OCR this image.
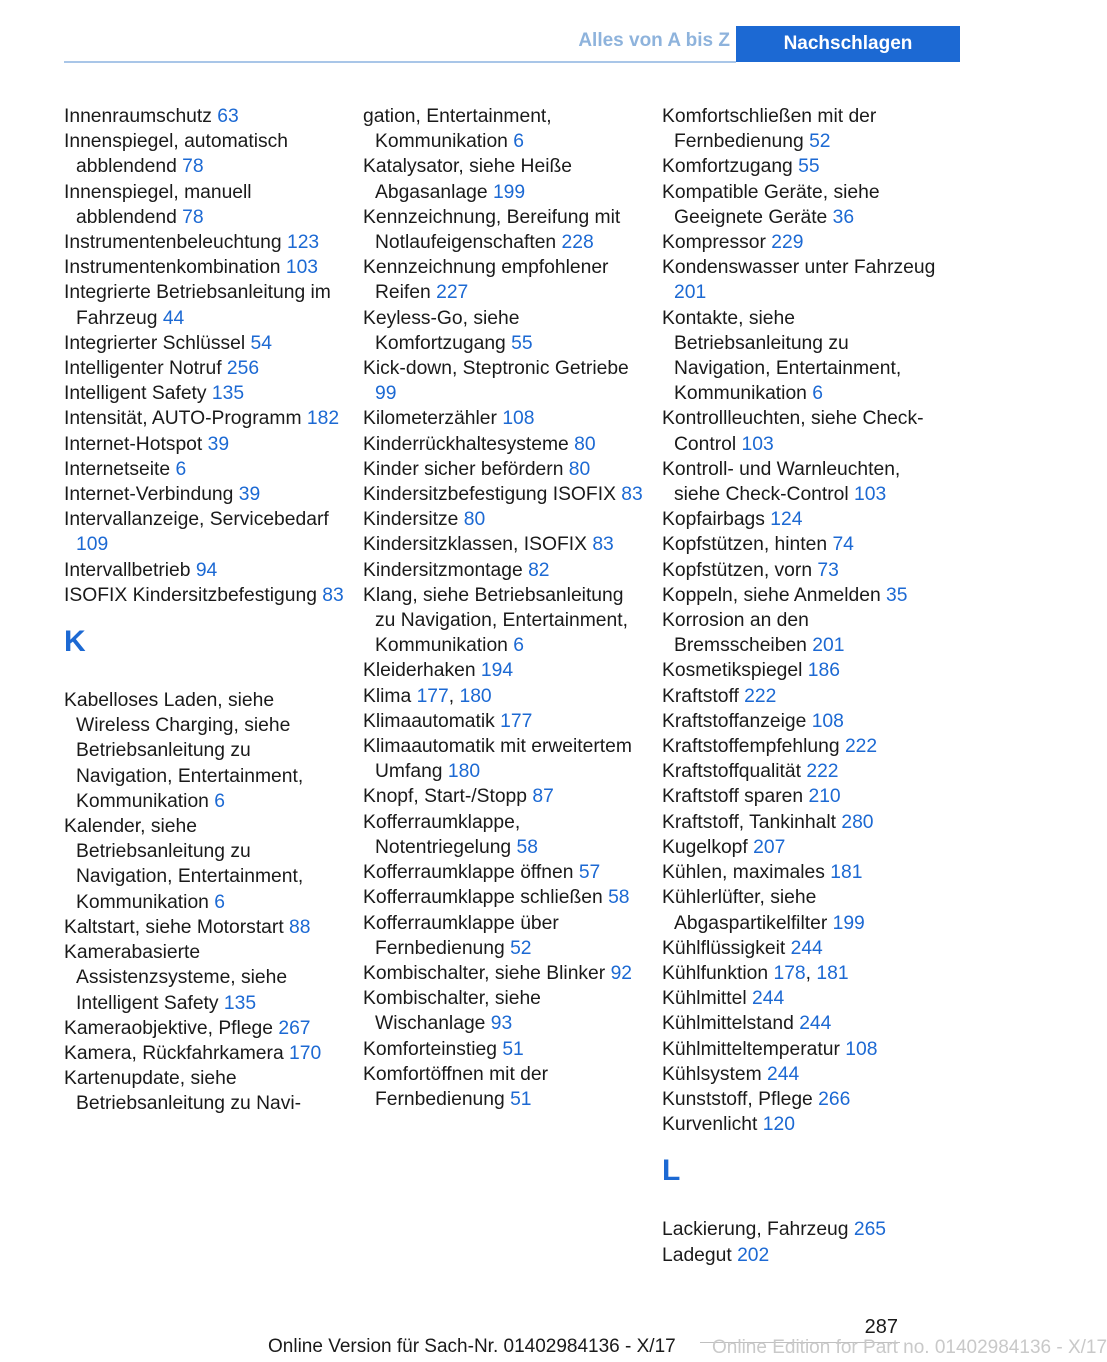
Alles von A bis Z	Nachschlagen
Innenraumschutz 63
Innenspiegel, automatisch abblendend 78
Innenspiegel, manuell abblendend 78
Instrumentenbeleuchtung 123
Instrumentenkombination 103
Integrierte Betriebsanleitung im Fahrzeug 44
Integrierter Schlüssel 54
Intelligenter Notruf 256
Intelligent Safety 135
Intensität, AUTO-Programm 182
Internet-Hotspot 39
Internetseite 6
Internet-Verbindung 39
Intervallanzeige, Servicebedarf 109
Intervallbetrieb 94
ISOFIX Kindersitzbefestigung 83
K
Kabelloses Laden, siehe Wireless Charging, siehe Betriebsanleitung zu Navigation, Entertainment, Kommunikation 6
Kalender, siehe Betriebsanleitung zu Navigation, Entertainment, Kommunikation 6
Kaltstart, siehe Motorstart 88
Kamerabasierte Assistenzsysteme, siehe Intelligent Safety 135
Kameraobjektive, Pflege 267
Kamera, Rückfahrkamera 170
Kartenupdate, siehe Betriebsanleitung zu Navi-
gation, Entertainment, Kommunikation 6
Katalysator, siehe Heiße Abgasanlage 199
Kennzeichnung, Bereifung mit Notlaufeigenschaften 228
Kennzeichnung empfohlener Reifen 227
Keyless-Go, siehe Komfortzugang 55
Kick-down, Steptronic Getriebe 99
Kilometerzähler 108
Kinderrückhaltesysteme 80
Kinder sicher befördern 80
Kindersitzbefestigung ISOFIX 83
Kindersitze 80
Kindersitzklassen, ISOFIX 83
Kindersitzmontage 82
Klang, siehe Betriebsanleitung zu Navigation, Entertainment, Kommunikation 6
Kleiderhaken 194
Klima 177, 180
Klimaautomatik 177
Klimaautomatik mit erweitertem Umfang 180
Knopf, Start-/Stopp 87
Kofferraumklappe, Notentriegelung 58
Kofferraumklappe öffnen 57
Kofferraumklappe schließen 58
Kofferraumklappe über Fernbedienung 52
Kombischalter, siehe Blinker 92
Kombischalter, siehe Wischanlage 93
Komforteinstieg 51
Komfortöffnen mit der Fernbedienung 51
Komfortschließen mit der Fernbedienung 52
Komfortzugang 55
Kompatible Geräte, siehe Geeignete Geräte 36
Kompressor 229
Kondenswasser unter Fahrzeug 201
Kontakte, siehe Betriebsanleitung zu Navigation, Entertainment, Kommunikation 6
Kontrollleuchten, siehe Check-Control 103
Kontroll- und Warnleuchten, siehe Check-Control 103
Kopfairbags 124
Kopfstützen, hinten 74
Kopfstützen, vorn 73
Koppeln, siehe Anmelden 35
Korrosion an den Bremsscheiben 201
Kosmetikspiegel 186
Kraftstoff 222
Kraftstoffanzeige 108
Kraftstoffempfehlung 222
Kraftstoffqualität 222
Kraftstoff sparen 210
Kraftstoff, Tankinhalt 280
Kugelkopf 207
Kühlen, maximales 181
Kühlerlüfter, siehe Abgaspartikelfilter 199
Kühlflüssigkeit 244
Kühlfunktion 178, 181
Kühlmittel 244
Kühlmittelstand 244
Kühlmitteltemperatur 108
Kühlsystem 244
Kunststoff, Pflege 266
Kurvenlicht 120
L
Lackierung, Fahrzeug 265
Ladegut 202
287
Online Edition for Part no. 01402984136 - X/17
Online Version für Sach-Nr. 01402984136 - X/17
